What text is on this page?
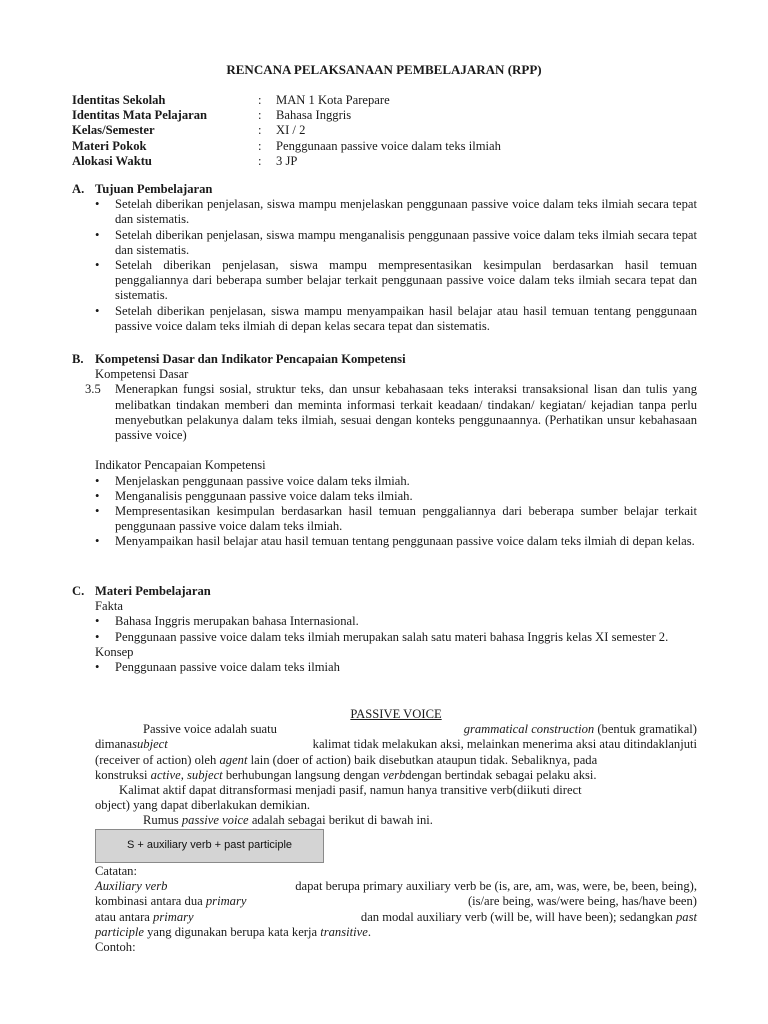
RENCANA PELAKSANAAN PEMBELAJARAN (RPP)
Identitas Sekolah	:	MAN 1 Kota Parepare
Identitas Mata Pelajaran	:	Bahasa Inggris
Kelas/Semester	:	XI / 2
Materi Pokok	:	Penggunaan passive voice dalam teks ilmiah
Alokasi Waktu	:	3 JP
A. Tujuan Pembelajaran
•	Setelah diberikan penjelasan, siswa mampu menjelaskan penggunaan passive voice dalam teks ilmiah secara tepat dan sistematis.
•	Setelah diberikan penjelasan, siswa mampu menganalisis penggunaan passive voice dalam teks ilmiah secara tepat dan sistematis.
•	Setelah diberikan penjelasan, siswa mampu mempresentasikan kesimpulan berdasarkan hasil temuan penggaliannya dari beberapa sumber belajar terkait penggunaan passive voice dalam teks ilmiah secara tepat dan sistematis.
•	Setelah diberikan penjelasan, siswa mampu menyampaikan hasil belajar atau hasil temuan tentang penggunaan passive voice dalam teks ilmiah di depan kelas secara tepat dan sistematis.
B. Kompetensi Dasar dan Indikator Pencapaian Kompetensi
Kompetensi Dasar
3.5	Menerapkan fungsi sosial, struktur teks, dan unsur kebahasaan teks interaksi transaksional lisan dan tulis yang melibatkan tindakan memberi dan meminta informasi terkait keadaan/ tindakan/ kegiatan/ kejadian tanpa perlu menyebutkan pelakunya dalam teks ilmiah, sesuai dengan konteks penggunaannya. (Perhatikan unsur kebahasaan passive voice)
Indikator Pencapaian Kompetensi
•	Menjelaskan penggunaan passive voice dalam teks ilmiah.
•	Menganalisis penggunaan passive voice dalam teks ilmiah.
•	Mempresentasikan kesimpulan berdasarkan hasil temuan penggaliannya dari beberapa sumber belajar terkait penggunaan passive voice dalam teks ilmiah.
•	Menyampaikan hasil belajar atau hasil temuan tentang penggunaan passive voice dalam teks ilmiah di depan kelas.
C. Materi Pembelajaran
Fakta
•	Bahasa Inggris merupakan bahasa Internasional.
•	Penggunaan passive voice dalam teks ilmiah merupakan salah satu materi bahasa Inggris kelas XI semester 2.
Konsep
•	Penggunaan passive voice dalam teks ilmiah
PASSIVE VOICE
Passive voice adalah suatu	grammatical construction (bentuk gramatikal)
dimanasubject	kalimat tidak melakukan aksi, melainkan menerima aksi atau ditindaklanjuti
(receiver of action) oleh agent lain (doer of action) baik disebutkan ataupun tidak. Sebaliknya, pada
konstruksi active, subject berhubungan langsung dengan verbdengan bertindak sebagai pelaku aksi.
Kalimat aktif dapat ditransformasi menjadi pasif, namun hanya transitive verb(diikuti direct
object) yang dapat diberlakukan demikian.
Rumus passive voice adalah sebagai berikut di bawah ini.
S + auxiliary verb + past participle
Catatan:
Auxiliary verb	dapat berupa primary auxiliary verb be (is, are, am, was, were, be, been, being),
kombinasi antara dua primary	(is/are being, was/were being, has/have been)
atau antara primary	dan modal auxiliary verb (will be, will have been); sedangkan past
participle yang digunakan berupa kata kerja transitive.
Contoh:
